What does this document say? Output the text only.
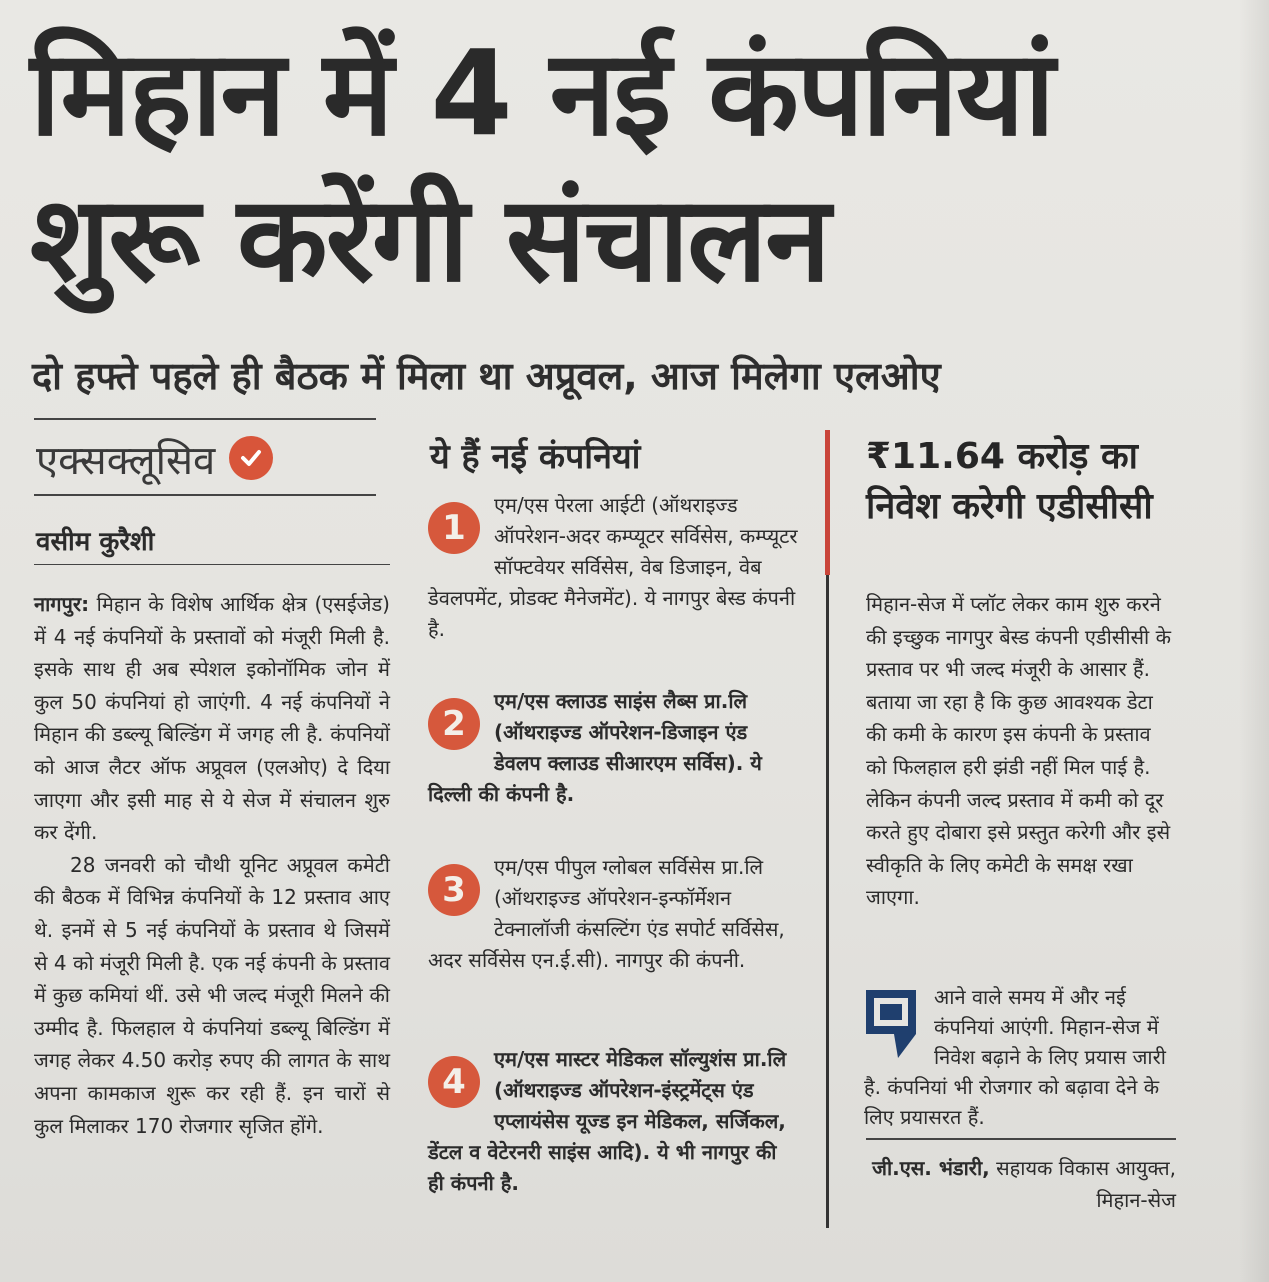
मिहान में 4 नई कंपनियां शुरू करेंगी संचालन
दो हफ्ते पहले ही बैठक में मिला था अप्रूवल, आज मिलेगा एलओए
एक्सक्लूसिव
वसीम कुरैशी

नागपुर: मिहान के विशेष आर्थिक क्षेत्र (एसईजेड) में 4 नई कंपनियों के प्रस्तावों को मंजूरी मिली है. इसके साथ ही अब स्पेशल इकोनॉमिक जोन में कुल 50 कंपनियां हो जाएंगी. 4 नई कंपनियों ने मिहान की डब्ल्यू बिल्डिंग में जगह ली है. कंपनियों को आज लैटर ऑफ अप्रूवल (एलओए) दे दिया जाएगा और इसी माह से ये सेज में संचालन शुरु कर देंगी.

28 जनवरी को चौथी यूनिट अप्रूवल कमेटी की बैठक में विभिन्न कंपनियों के 12 प्रस्ताव आए थे. इनमें से 5 नई कंपनियों के प्रस्ताव थे जिसमें से 4 को मंजूरी मिली है. एक नई कंपनी के प्रस्ताव में कुछ कमियां थीं. उसे भी जल्द मंजूरी मिलने की उम्मीद है. फिलहाल ये कंपनियां डब्ल्यू बिल्डिंग में जगह लेकर 4.50 करोड़ रुपए की लागत के साथ अपना कामकाज शुरू कर रही हैं. इन चारों से कुल मिलाकर 170 रोजगार सृजित होंगे.

ये हैं नई कंपनियां
1

एम/एस पेरला आईटी (ऑथराइज्ड ऑपरेशन-अदर कम्प्यूटर सर्विसेस, कम्प्यूटर सॉफ्टवेयर सर्विसेस, वेब डिजाइन, वेब डेवलपमेंट, प्रोडक्ट मैनेजमेंट). ये नागपुर बेस्ड कंपनी है.

2

एम/एस क्लाउड साइंस लैब्स प्रा.लि (ऑथराइज्ड ऑपरेशन-डिजाइन एंड डेवलप क्लाउड सीआरएम सर्विस). ये दिल्ली की कंपनी है.

3

एम/एस पीपुल ग्लोबल सर्विसेस प्रा.लि (ऑथराइज्ड ऑपरेशन-इन्फॉर्मेशन टेक्नालॉजी कंसल्टिंग एंड सपोर्ट सर्विसेस, अदर सर्विसेस एन.ई.सी). नागपुर की कंपनी.

4

एम/एस मास्टर मेडिकल सॉल्युशंस प्रा.लि (ऑथराइज्ड ऑपरेशन-इंस्ट्रमेंट्स एंड एप्लायंसेस यूज्ड इन मेडिकल, सर्जिकल, डेंटल व वेटेरनरी साइंस आदि). ये भी नागपुर की ही कंपनी है.

₹11.64 करोड़ का निवेश करेगी एडीसीसी

मिहान-सेज में प्लॉट लेकर काम शुरु करने की इच्छुक नागपुर बेस्ड कंपनी एडीसीसी के प्रस्ताव पर भी जल्द मंजूरी के आसार हैं. बताया जा रहा है कि कुछ आवश्यक डेटा की कमी के कारण इस कंपनी के प्रस्ताव को फिलहाल हरी झंडी नहीं मिल पाई है. लेकिन कंपनी जल्द प्रस्ताव में कमी को दूर करते हुए दोबारा इसे प्रस्तुत करेगी और इसे स्वीकृति के लिए कमेटी के समक्ष रखा जाएगा.

आने वाले समय में और नई कंपनियां आएंगी. मिहान-सेज में निवेश बढ़ाने के लिए प्रयास जारी है. कंपनियां भी रोजगार को बढ़ावा देने के लिए प्रयासरत हैं.
जी.एस. भंडारी, सहायक विकास आयुक्त, मिहान-सेज
